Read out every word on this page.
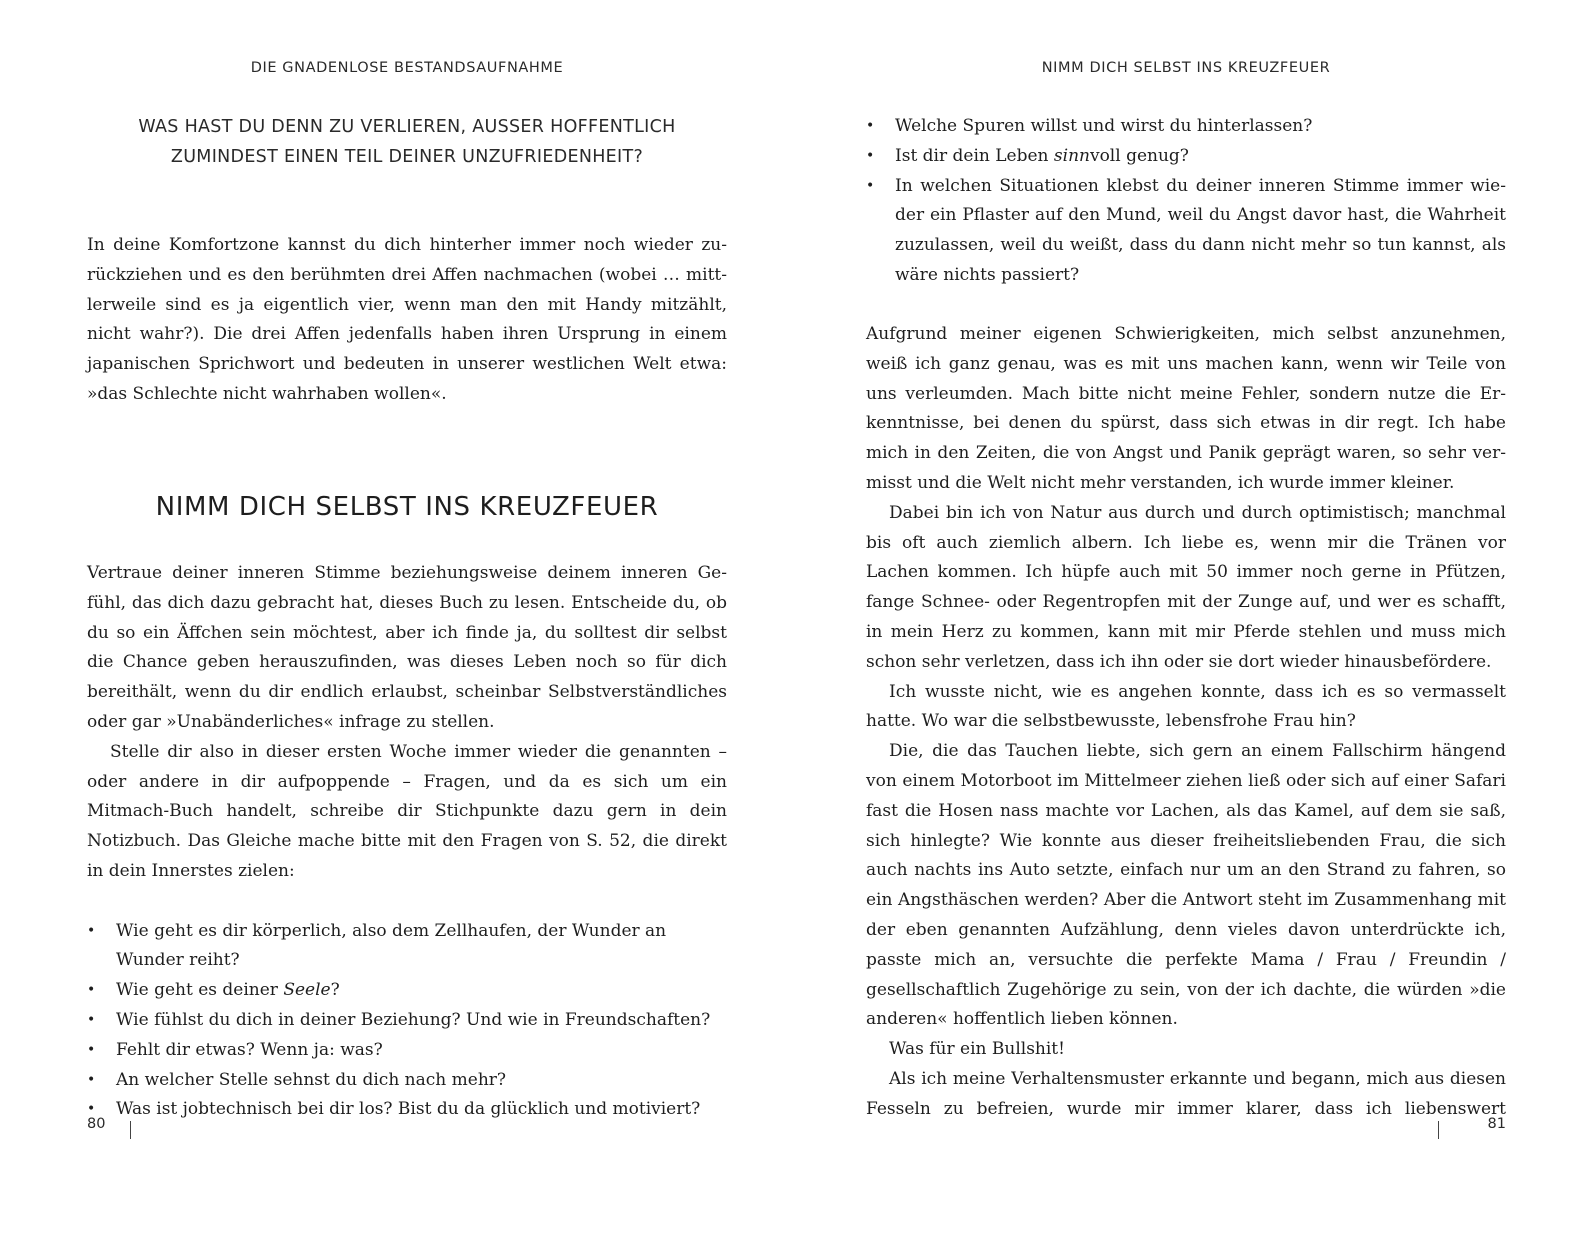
DIE GNADENLOSE BESTANDSAUFNAHME
WAS HAST DU DENN ZU VERLIEREN, AUSSER HOFFENTLICH
ZUMINDEST EINEN TEIL DEINER UNZUFRIEDENHEIT?

In deine Komfortzone kannst du dich hinterher immer noch wieder zurückziehen und es den berühmten drei Affen nachmachen (wobei … mittlerweile sind es ja eigentlich vier, wenn man den mit Handy mitzählt, nicht wahr?). Die drei Affen jedenfalls haben ihren Ursprung in einem japanischen Sprichwort und bedeuten in unserer westlichen Welt etwa: »das Schlechte nicht wahrhaben wollen«.

NIMM DICH SELBST INS KREUZFEUER

Vertraue deiner inneren Stimme beziehungsweise deinem inneren Gefühl, das dich dazu gebracht hat, dieses Buch zu lesen. Entscheide du, ob du so ein Äffchen sein möchtest, aber ich finde ja, du solltest dir selbst die Chance geben herauszufinden, was dieses Leben noch so für dich bereithält, wenn du dir endlich erlaubst, scheinbar Selbstverständliches oder gar »Unabänderliches« infrage zu stellen.

Stelle dir also in dieser ersten Woche immer wieder die genannten – oder andere in dir aufpoppende – Fragen, und da es sich um ein Mitmach-Buch handelt, schreibe dir Stichpunkte dazu gern in dein Notizbuch. Das Gleiche mache bitte mit den Fragen von S. 52, die direkt in dein Innerstes zielen:

• Wie geht es dir körperlich, also dem Zellhaufen, der Wunder an Wunder reiht?
• Wie geht es deiner Seele?
• Wie fühlst du dich in deiner Beziehung? Und wie in Freundschaften?
• Fehlt dir etwas? Wenn ja: was?
• An welcher Stelle sehnst du dich nach mehr?
• Was ist jobtechnisch bei dir los? Bist du da glücklich und motiviert?
80
NIMM DICH SELBST INS KREUZFEUER
• Welche Spuren willst und wirst du hinterlassen?
• Ist dir dein Leben sinnvoll genug?
• In welchen Situationen klebst du deiner inneren Stimme immer wieder ein Pflaster auf den Mund, weil du Angst davor hast, die Wahrheit zuzulassen, weil du weißt, dass du dann nicht mehr so tun kannst, als wäre nichts passiert?

Aufgrund meiner eigenen Schwierigkeiten, mich selbst anzunehmen, weiß ich ganz genau, was es mit uns machen kann, wenn wir Teile von uns verleumden. Mach bitte nicht meine Fehler, sondern nutze die Erkenntnisse, bei denen du spürst, dass sich etwas in dir regt. Ich habe mich in den Zeiten, die von Angst und Panik geprägt waren, so sehr vermisst und die Welt nicht mehr verstanden, ich wurde immer kleiner.

Dabei bin ich von Natur aus durch und durch optimistisch; manchmal bis oft auch ziemlich albern. Ich liebe es, wenn mir die Tränen vor Lachen kommen. Ich hüpfe auch mit 50 immer noch gerne in Pfützen, fange Schnee- oder Regentropfen mit der Zunge auf, und wer es schafft, in mein Herz zu kommen, kann mit mir Pferde stehlen und muss mich schon sehr verletzen, dass ich ihn oder sie dort wieder hinausbefördere.

Ich wusste nicht, wie es angehen konnte, dass ich es so vermasselt hatte. Wo war die selbstbewusste, lebensfrohe Frau hin?

Die, die das Tauchen liebte, sich gern an einem Fallschirm hängend von einem Motorboot im Mittelmeer ziehen ließ oder sich auf einer Safari fast die Hosen nass machte vor Lachen, als das Kamel, auf dem sie saß, sich hinlegte? Wie konnte aus dieser freiheitsliebenden Frau, die sich auch nachts ins Auto setzte, einfach nur um an den Strand zu fahren, so ein Angsthäschen werden? Aber die Antwort steht im Zusammenhang mit der eben genannten Aufzählung, denn vieles davon unterdrückte ich, passte mich an, versuchte die perfekte Mama / Frau / Freundin / gesellschaftlich Zugehörige zu sein, von der ich dachte, die würden »die anderen« hoffentlich lieben können.

Was für ein Bullshit!

Als ich meine Verhaltensmuster erkannte und begann, mich aus diesen Fesseln zu befreien, wurde mir immer klarer, dass ich liebenswert

81
